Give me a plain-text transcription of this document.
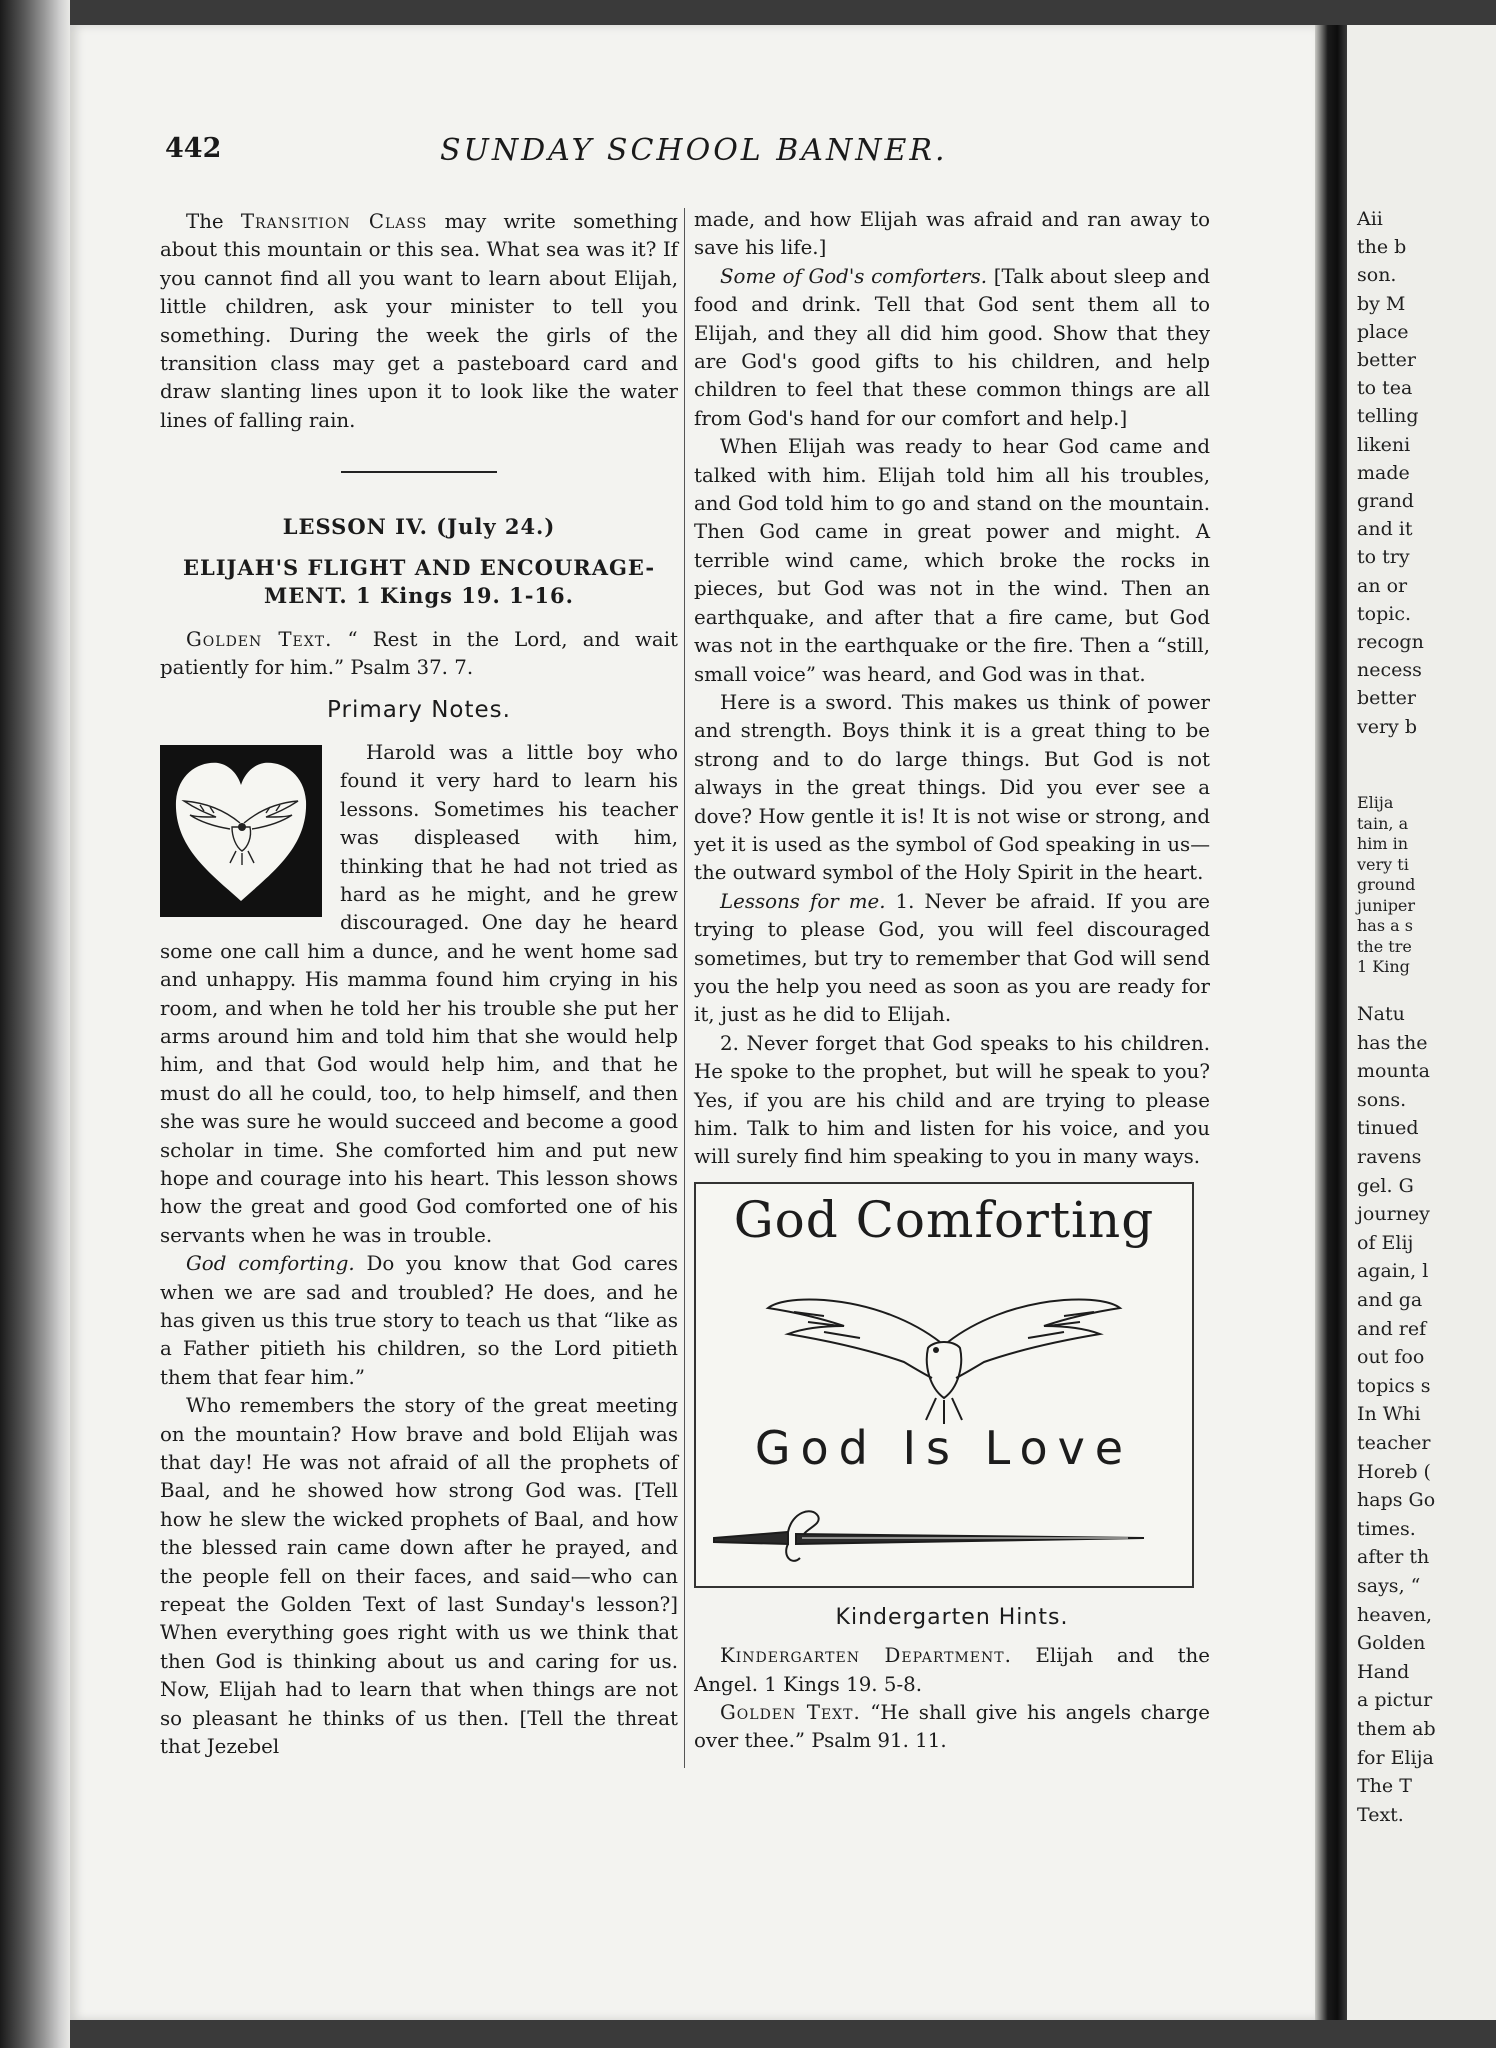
Aii
the b
son.
by M
place
better
to tea
telling
likeni
made
grand
and it
to try
an or
topic.
recogn
necess
better
very b
Elija
tain, a
him in
very ti
ground
juniper
has a s
the tre
1 King
Natu
has the
mounta
sons.
tinued
ravens
gel. G
journey
of Elij
again, l
and ga
and ref
out foo
topics s
In Whi
teacher
Horeb (
haps Go
times.
after th
says, “
heaven,
Golden
Hand
a pictur
them ab
for Elija
The T
Text.
442	SUNDAY SCHOOL BANNER.

The Transition Class may write something about this mountain or this sea. What sea was it? If you cannot find all you want to learn about Elijah, little children, ask your minister to tell you something. During the week the girls of the transition class may get a pasteboard card and draw slanting lines upon it to look like the water lines of falling rain.

LESSON IV. (July 24.)
ELIJAH'S FLIGHT AND ENCOURAGE-MENT. 1 Kings 19. 1-16.

Golden Text. “ Rest in the Lord, and wait patiently for him.” Psalm 37. 7.

Primary Notes.

Harold was a little boy who found it very hard to learn his lessons. Sometimes his teacher was displeased with him, thinking that he had not tried as hard as he might, and he grew discouraged. One day he heard some one call him a dunce, and he went home sad and unhappy. His mamma found him crying in his room, and when he told her his trouble she put her arms around him and told him that she would help him, and that God would help him, and that he must do all he could, too, to help himself, and then she was sure he would succeed and become a good scholar in time. She comforted him and put new hope and courage into his heart. This lesson shows how the great and good God comforted one of his servants when he was in trouble.

God comforting. Do you know that God cares when we are sad and troubled? He does, and he has given us this true story to teach us that “like as a Father pitieth his children, so the Lord pitieth them that fear him.”

Who remembers the story of the great meeting on the mountain? How brave and bold Elijah was that day! He was not afraid of all the prophets of Baal, and he showed how strong God was. [Tell how he slew the wicked prophets of Baal, and how the blessed rain came down after he prayed, and the people fell on their faces, and said—who can repeat the Golden Text of last Sunday's lesson?] When everything goes right with us we think that then God is thinking about us and caring for us. Now, Elijah had to learn that when things are not so pleasant he thinks of us then. [Tell the threat that Jezebel

made, and how Elijah was afraid and ran away to save his life.]

Some of God's comforters. [Talk about sleep and food and drink. Tell that God sent them all to Elijah, and they all did him good. Show that they are God's good gifts to his children, and help children to feel that these common things are all from God's hand for our comfort and help.]

When Elijah was ready to hear God came and talked with him. Elijah told him all his troubles, and God told him to go and stand on the mountain. Then God came in great power and might. A terrible wind came, which broke the rocks in pieces, but God was not in the wind. Then an earthquake, and after that a fire came, but God was not in the earthquake or the fire. Then a “still, small voice” was heard, and God was in that.

Here is a sword. This makes us think of power and strength. Boys think it is a great thing to be strong and to do large things. But God is not always in the great things. Did you ever see a dove? How gentle it is! It is not wise or strong, and yet it is used as the symbol of God speaking in us—the outward symbol of the Holy Spirit in the heart.

Lessons for me. 1. Never be afraid. If you are trying to please God, you will feel discouraged sometimes, but try to remember that God will send you the help you need as soon as you are ready for it, just as he did to Elijah.

2. Never forget that God speaks to his children. He spoke to the prophet, but will he speak to you? Yes, if you are his child and are trying to please him. Talk to him and listen for his voice, and you will surely find him speaking to you in many ways.

God Comforting
God Is Love
Kindergarten Hints.

Kindergarten Department. Elijah and the Angel. 1 Kings 19. 5-8.

Golden Text. “He shall give his angels charge over thee.” Psalm 91. 11.
